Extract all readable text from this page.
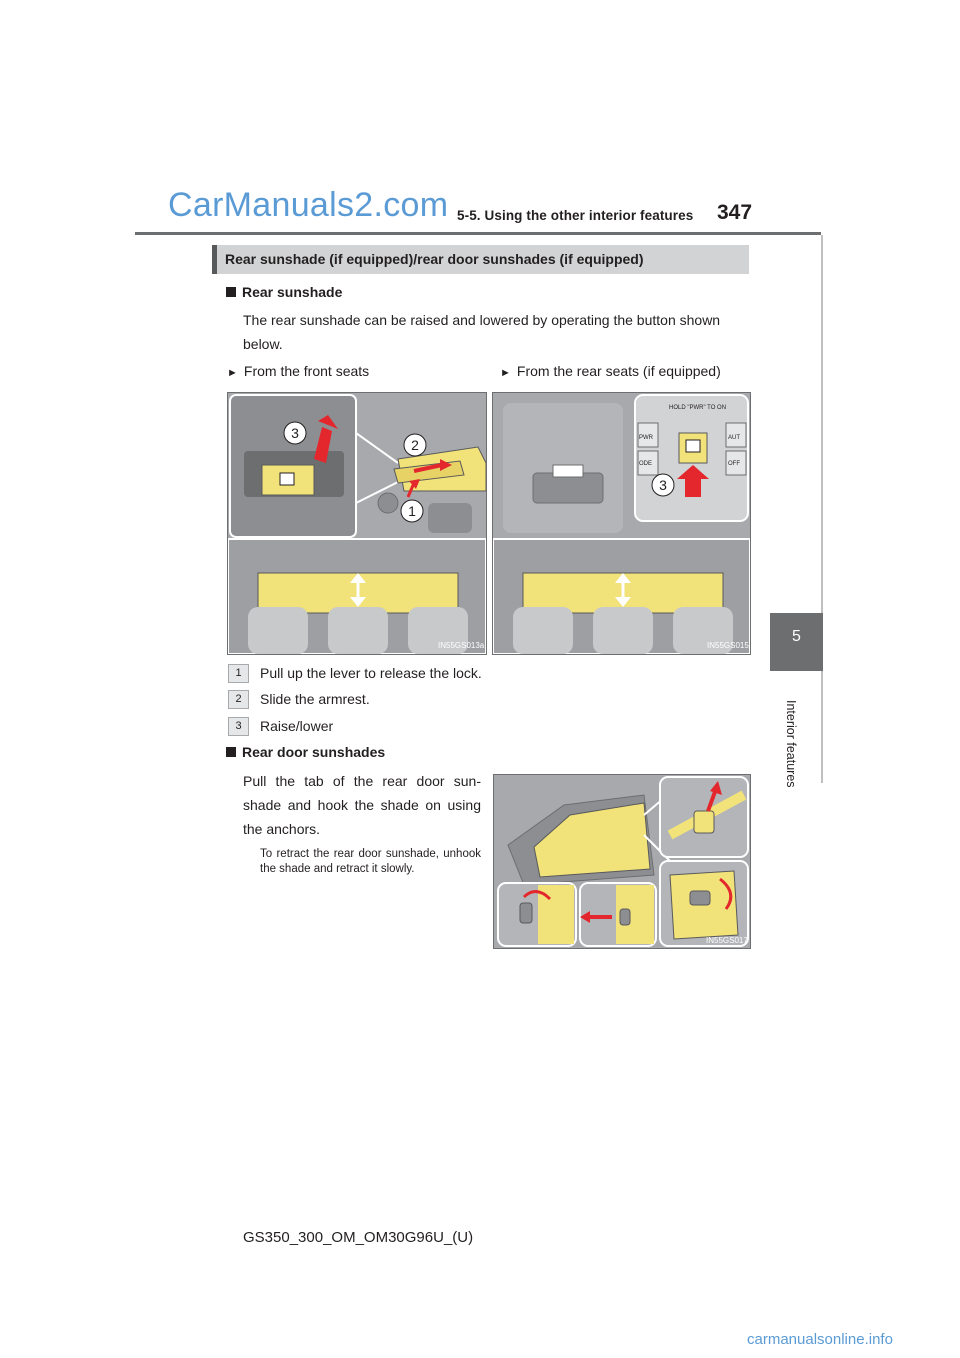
CarManuals2.com 5-5. Using the other interior features 347
5
Interior features
Rear sunshade (if equipped)/rear door sunshades (if equipped)
Rear sunshade
The rear sunshade can be raised and lowered by operating the button shown below.
► From the front seats	► From the rear seats (if equipped)
3
2
1
IN55GS013a
HOLD "PWR" TO ON
PWR
ODE
AUT
OFF
3
IN55GS015
1	Pull up the lever to release the lock.
2	Slide the armrest.
3	Raise/lower
Rear door sunshades
Pull the tab of the rear door sun-shade and hook the shade on using the anchors.
To retract the rear door sunshade, unhook the shade and retract it slowly.
IN55GS017
GS350_300_OM_OM30G96U_(U)
carmanualsonline.info
